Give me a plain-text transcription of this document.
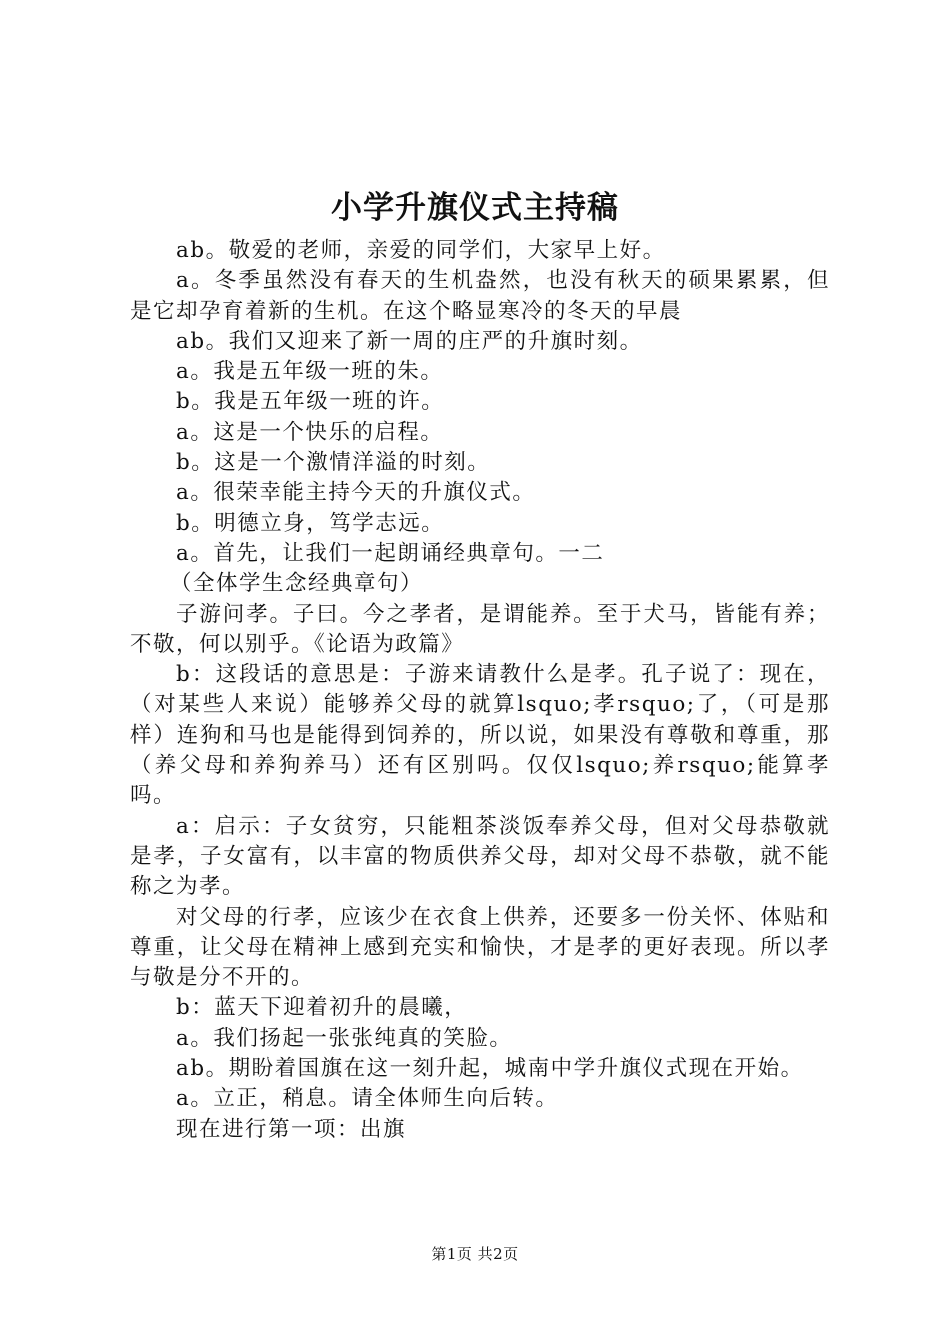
小学升旗仪式主持稿

ab。敬爱的老师，亲爱的同学们，大家早上好。

a。冬季虽然没有春天的生机盎然，也没有秋天的硕果累累，但是它却孕育着新的生机。在这个略显寒冷的冬天的早晨

ab。我们又迎来了新一周的庄严的升旗时刻。

a。我是五年级一班的朱。

b。我是五年级一班的许。

a。这是一个快乐的启程。

b。这是一个激情洋溢的时刻。

a。很荣幸能主持今天的升旗仪式。

b。明德立身，笃学志远。

a。首先，让我们一起朗诵经典章句。一二

（全体学生念经典章句）

子游问孝。子曰。今之孝者，是谓能养。至于犬马，皆能有养；不敬，何以别乎。《论语为政篇》

b：这段话的意思是：子游来请教什么是孝。孔子说了：现在，（对某些人来说）能够养父母的就算lsquo;孝rsquo;了，（可是那样）连狗和马也是能得到饲养的，所以说，如果没有尊敬和尊重，那（养父母和养狗养马）还有区别吗。仅仅lsquo;养rsquo;能算孝吗。

a：启示：子女贫穷，只能粗茶淡饭奉养父母，但对父母恭敬就是孝，子女富有，以丰富的物质供养父母，却对父母不恭敬，就不能称之为孝。

对父母的行孝，应该少在衣食上供养，还要多一份关怀、体贴和尊重，让父母在精神上感到充实和愉快，才是孝的更好表现。所以孝与敬是分不开的。

b：蓝天下迎着初升的晨曦，

a。我们扬起一张张纯真的笑脸。

ab。期盼着国旗在这一刻升起，城南中学升旗仪式现在开始。

a。立正，稍息。请全体师生向后转。

现在进行第一项：出旗

第1页 共2页
